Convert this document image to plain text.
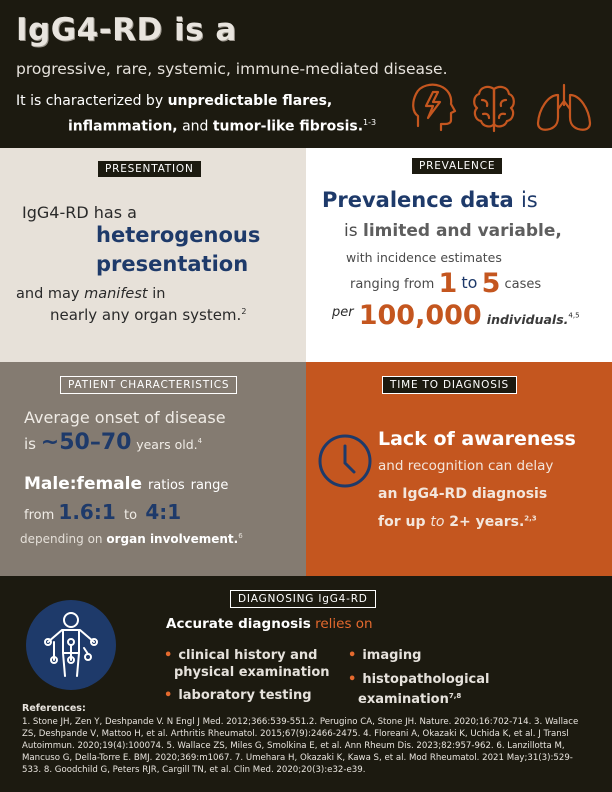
IgG4-RD is a
progressive, rare, systemic, immune-mediated disease.
It is characterized by unpredictable flares,
inflammation, and tumor-like fibrosis.$^{1-3}$
PRESENTATION
IgG4-RD has a
heterogenous
presentation
and may manifest in
nearly any organ system.$^2$
PREVALENCE
Prevalence data is
is limited and variable,
with incidence estimates
ranging from 1 to 5 cases
$^{per}$ 100,000 individuals.$^{4,5}$
PATIENT CHARACTERISTICS
Average onset of disease
is ~50–70 years old.$^4$
Male:female ratios range
from 1.6:1 to 4:1
depending on organ involvement.$^6$
TIME TO DIAGNOSIS
Lack of awareness
and recognition can delay
an IgG4-RD diagnosis
for up to 2+ years.$^{2,3}$
DIAGNOSING IgG4-RD
Accurate diagnosis relies on
• clinical history and
physical examination
• laboratory testing
• imaging
• histopathological
examination$^{7,8}$
References:
1. Stone JH, Zen Y, Deshpande V. N Engl J Med. 2012;366:539-551.2. Perugino CA, Stone JH. Nature. 2020;16:702-714. 3. Wallace ZS, Deshpande V, Mattoo H, et al. Arthritis Rheumatol. 2015;67(9):2466-2475. 4. Floreani A, Okazaki K, Uchida K, et al. J Transl Autoimmun. 2020;19(4):100074. 5. Wallace ZS, Miles G, Smolkina E, et al. Ann Rheum Dis. 2023;82:957-962. 6. Lanzillotta M, Mancuso G, Della-Torre E. BMJ. 2020;369:m1067. 7. Umehara H, Okazaki K, Kawa S, et al. Mod Rheumatol. 2021 May;31(3):529-533. 8. Goodchild G, Peters RJR, Cargill TN, et al. Clin Med. 2020;20(3):e32-e39.
